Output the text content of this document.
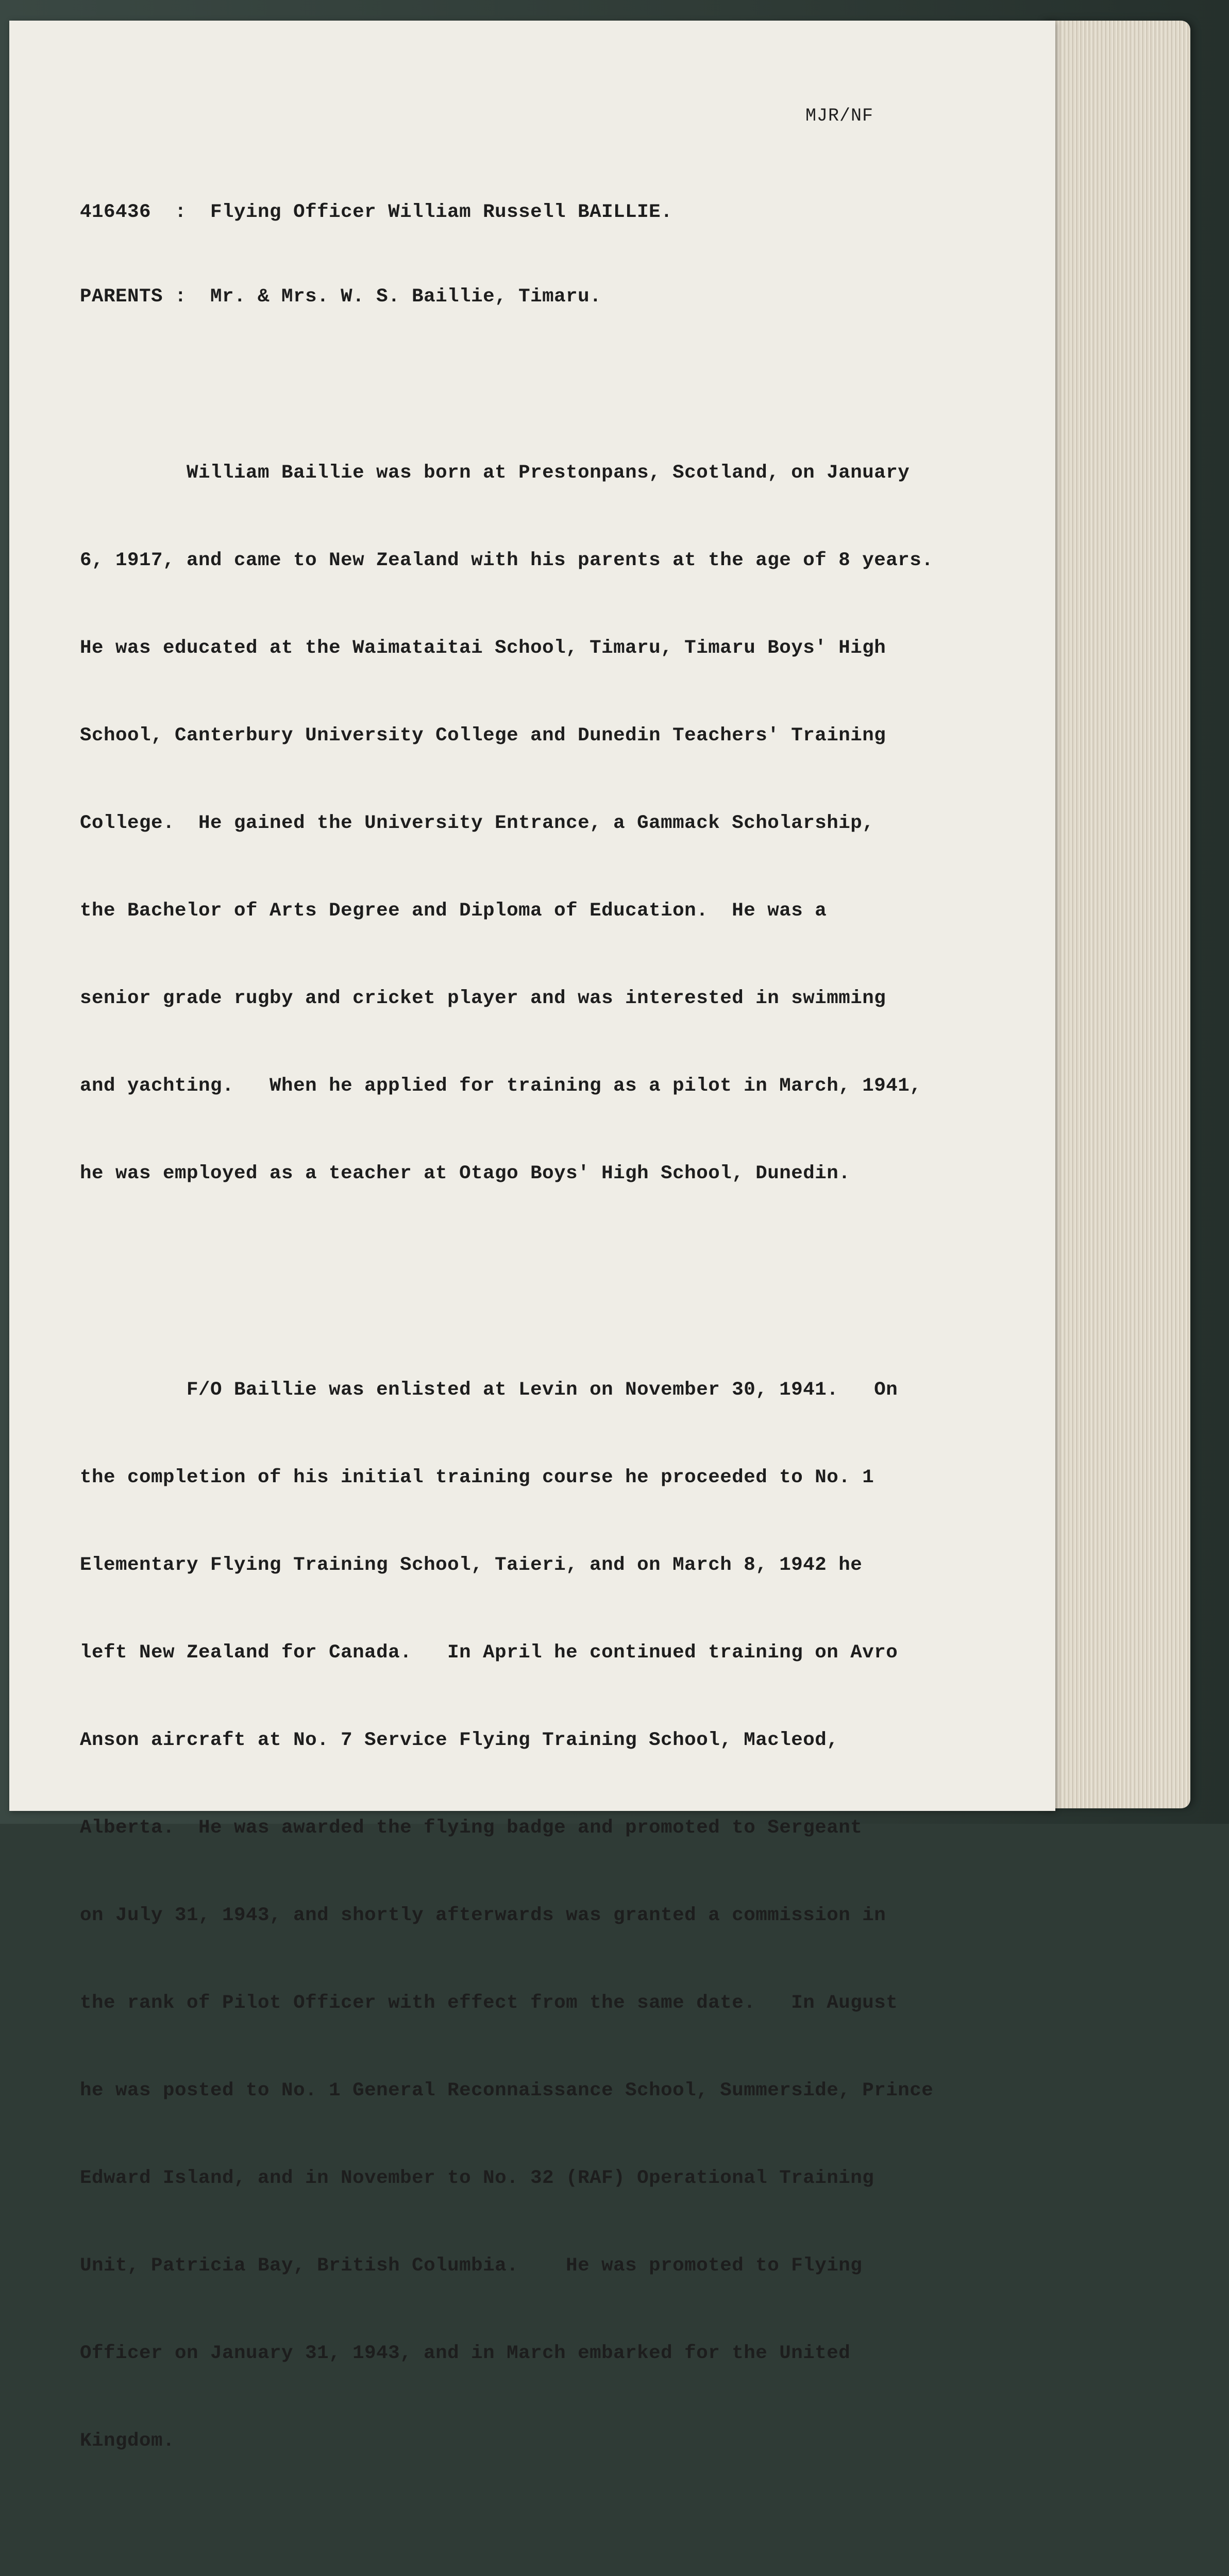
MJR/NF

416436  :  Flying Officer William Russell BAILLIE.

PARENTS :  Mr. & Mrs. W. S. Baillie, Timaru.

William Baillie was born at Prestonpans, Scotland, on January

6, 1917, and came to New Zealand with his parents at the age of 8 years.

He was educated at the Waimataitai School, Timaru, Timaru Boys' High

School, Canterbury University College and Dunedin Teachers' Training

College.  He gained the University Entrance, a Gammack Scholarship,

the Bachelor of Arts Degree and Diploma of Education.  He was a

senior grade rugby and cricket player and was interested in swimming

and yachting.   When he applied for training as a pilot in March, 1941,

he was employed as a teacher at Otago Boys' High School, Dunedin.

F/O Baillie was enlisted at Levin on November 30, 1941.   On

the completion of his initial training course he proceeded to No. 1

Elementary Flying Training School, Taieri, and on March 8, 1942 he

left New Zealand for Canada.   In April he continued training on Avro

Anson aircraft at No. 7 Service Flying Training School, Macleod,

Alberta.  He was awarded the flying badge and promoted to Sergeant

on July 31, 1943, and shortly afterwards was granted a commission in

the rank of Pilot Officer with effect from the same date.   In August

he was posted to No. 1 General Reconnaissance School, Summerside, Prince

Edward Island, and in November to No. 32 (RAF) Operational Training

Unit, Patricia Bay, British Columbia.    He was promoted to Flying

Officer on January 31, 1943, and in March embarked for the United

Kingdom.
